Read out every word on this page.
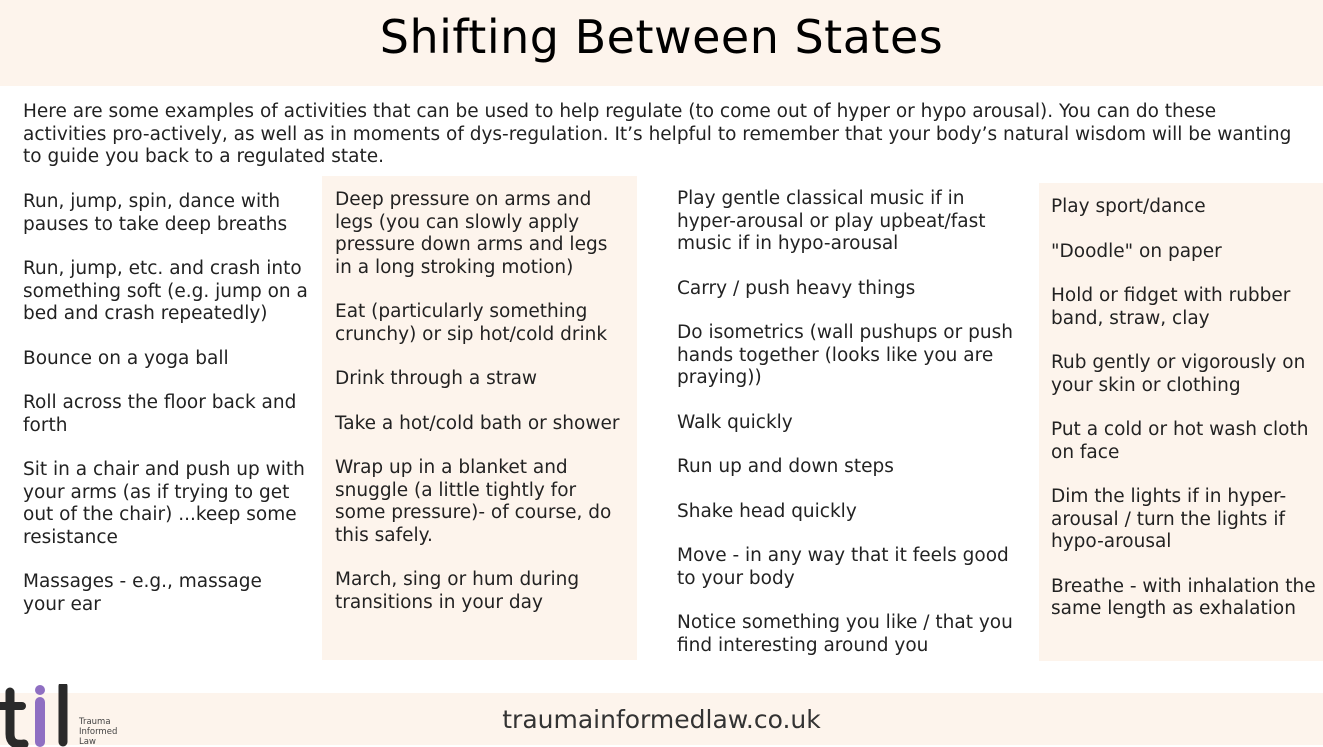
Shifting Between States
Here are some examples of activities that can be used to help regulate (to come out of hyper or hypo arousal). You can do these activities pro-actively, as well as in moments of dys-regulation. It’s helpful to remember that your body’s natural wisdom will be wanting to guide you back to a regulated state.
Run, jump, spin, dance with pauses to take deep breaths
Run, jump, etc. and crash into something soft (e.g. jump on a bed and crash repeatedly)
Bounce on a yoga ball
Roll across the floor back and forth
Sit in a chair and push up with your arms (as if trying to get out of the chair) ...keep some resistance
Massages - e.g., massage your ear
Deep pressure on arms and legs (you can slowly apply pressure down arms and legs in a long stroking motion)
Eat (particularly something crunchy) or sip hot/cold drink
Drink through a straw
Take a hot/cold bath or shower
Wrap up in a blanket and snuggle (a little tightly for some pressure)- of course, do this safely.
March, sing or hum during transitions in your day
Play gentle classical music if in hyper-arousal or play upbeat/fast music if in hypo-arousal
Carry / push heavy things
Do isometrics (wall pushups or push hands together (looks like you are praying))
Walk quickly
Run up and down steps
Shake head quickly
Move - in any way that it feels good to your body
Notice something you like / that you find interesting around you
Play sport/dance
"Doodle" on paper
Hold or fidget with rubber band, straw, clay
Rub gently or vigorously on your skin or clothing
Put a cold or hot wash cloth on face
Dim the lights if in hyper-arousal / turn the lights if hypo-arousal
Breathe - with inhalation the same length as exhalation
traumainformedlaw.co.uk
Trauma
Informed
Law
